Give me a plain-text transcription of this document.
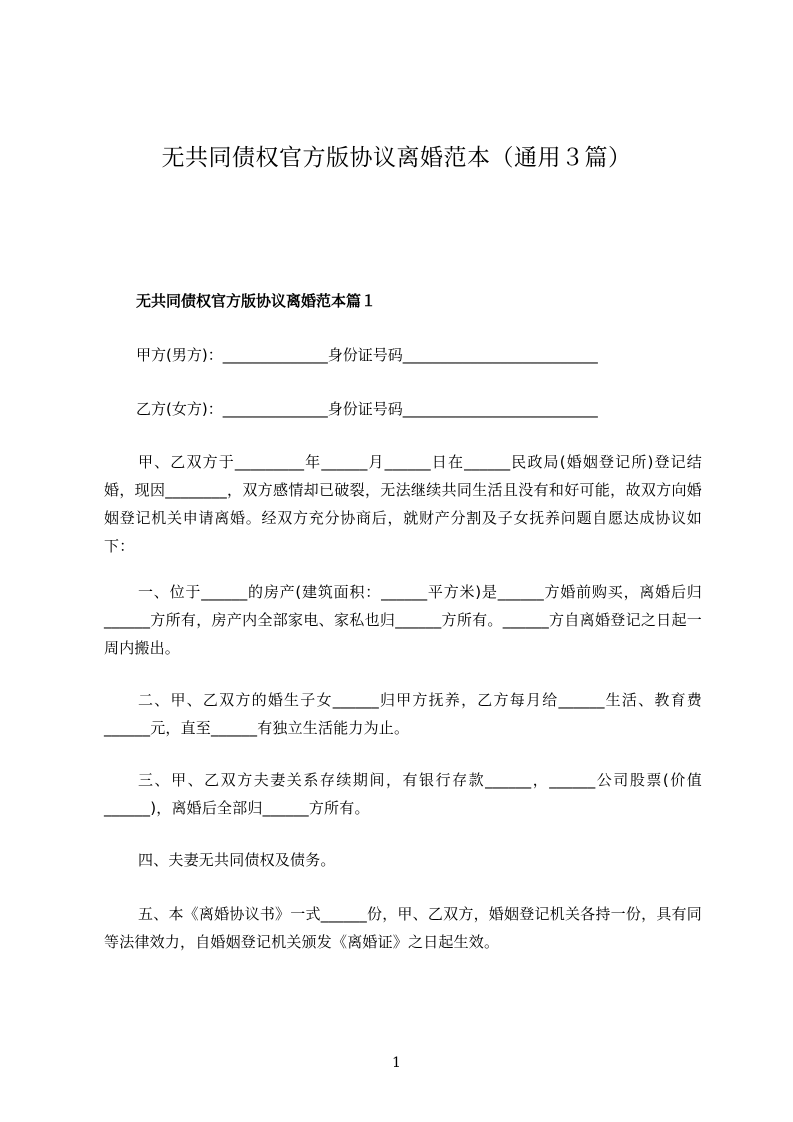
无共同债权官方版协议离婚范本（通用３篇）
无共同债权官方版协议离婚范本篇１
甲方(男方)：______________身份证号码__________________________
乙方(女方)：______________身份证号码__________________________

甲、乙双方于_________年______月______日在______民政局(婚姻登记所)登记结婚，现因________，双方感情却已破裂，无法继续共同生活且没有和好可能，故双方向婚姻登记机关申请离婚。经双方充分协商后，就财产分割及子女抚养问题自愿达成协议如下：

一、位于______的房产(建筑面积：______平方米)是______方婚前购买，离婚后归______方所有，房产内全部家电、家私也归______方所有。______方自离婚登记之日起一周内搬出。

二、甲、乙双方的婚生子女______归甲方抚养，乙方每月给______生活、教育费______元，直至______有独立生活能力为止。

三、甲、乙双方夫妻关系存续期间，有银行存款______，______公司股票(价值______)，离婚后全部归______方所有。

四、夫妻无共同债权及债务。

五、本《离婚协议书》一式______份，甲、乙双方，婚姻登记机关各持一份，具有同等法律效力，自婚姻登记机关颁发《离婚证》之日起生效。

1
